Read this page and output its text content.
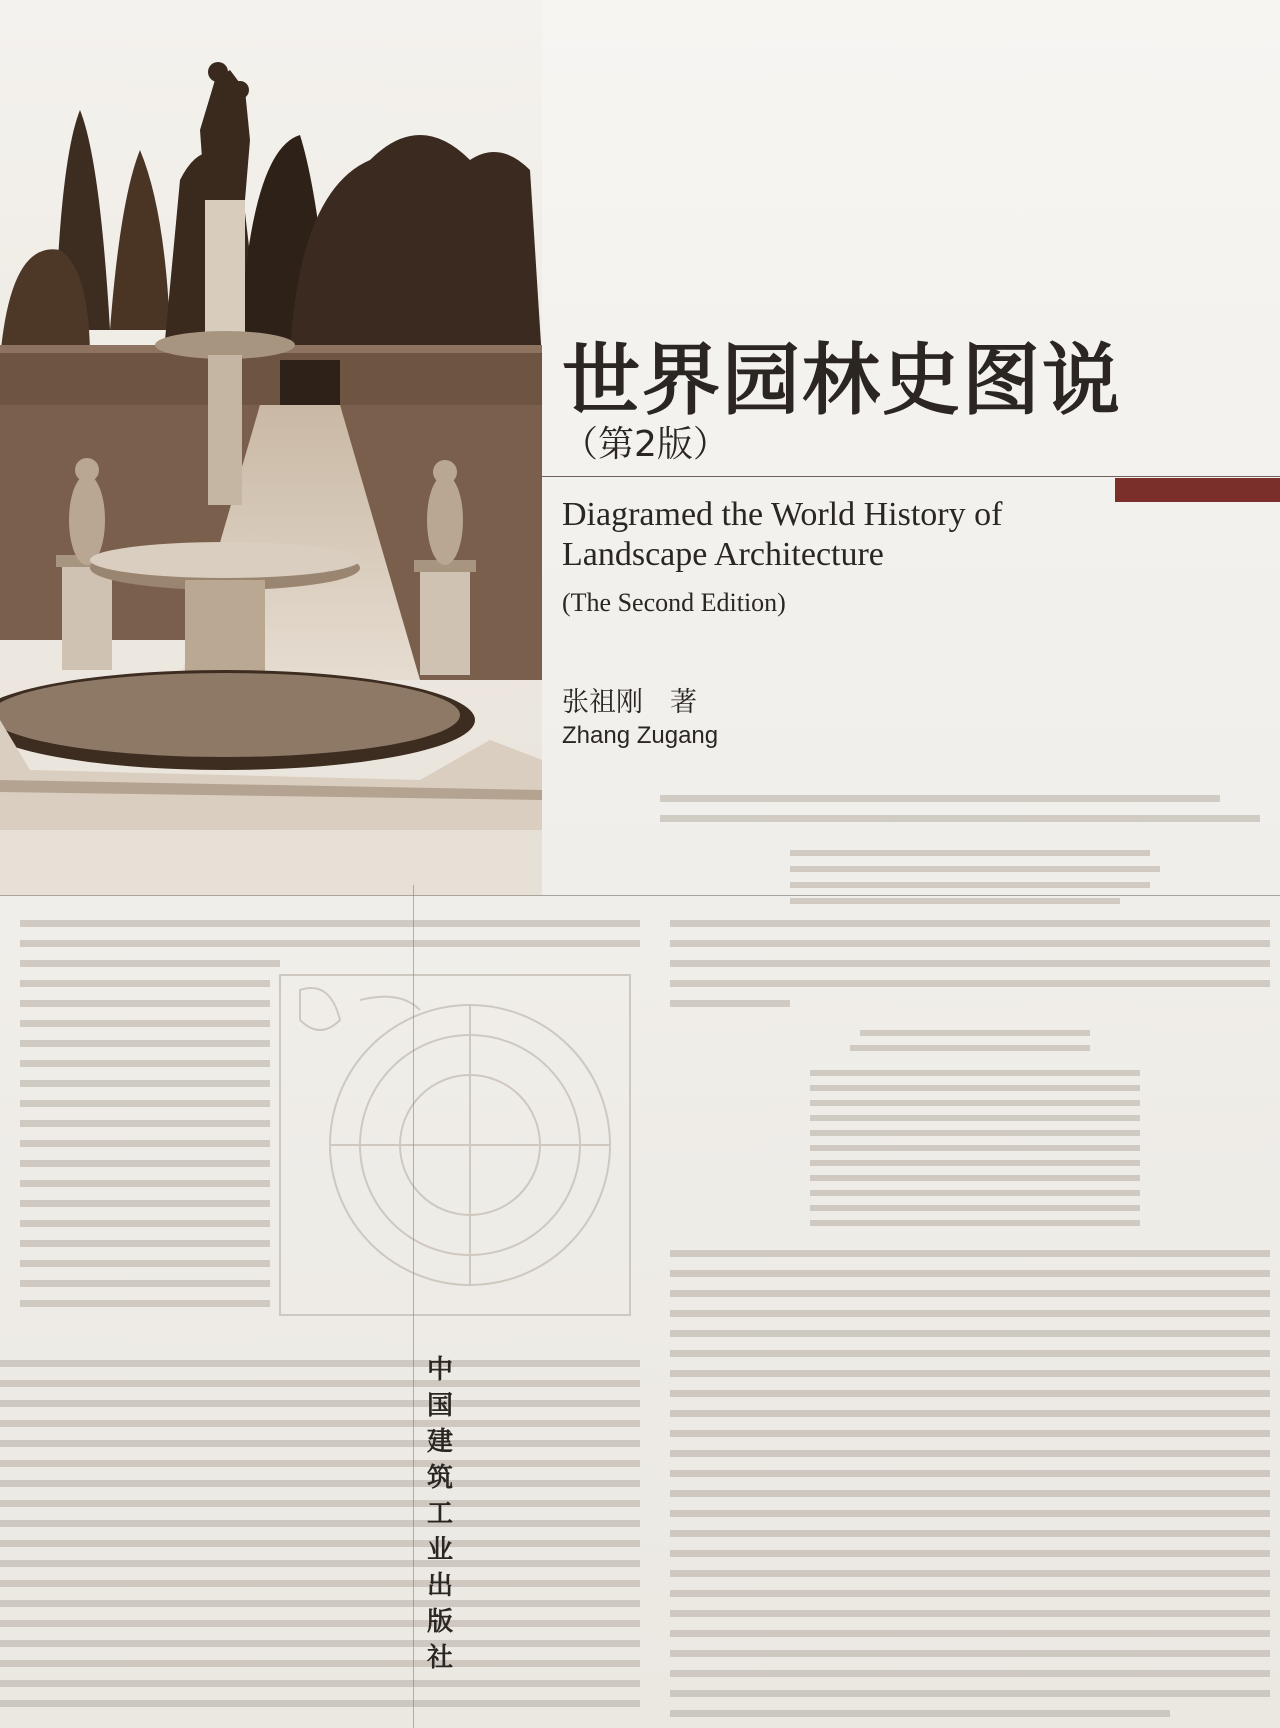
世界园林史图说
（第2版）
Diagramed the World History of
Landscape Architecture
(The Second Edition)
张祖刚　著
Zhang Zugang
中
国
建
筑
工
业
出
版
社
